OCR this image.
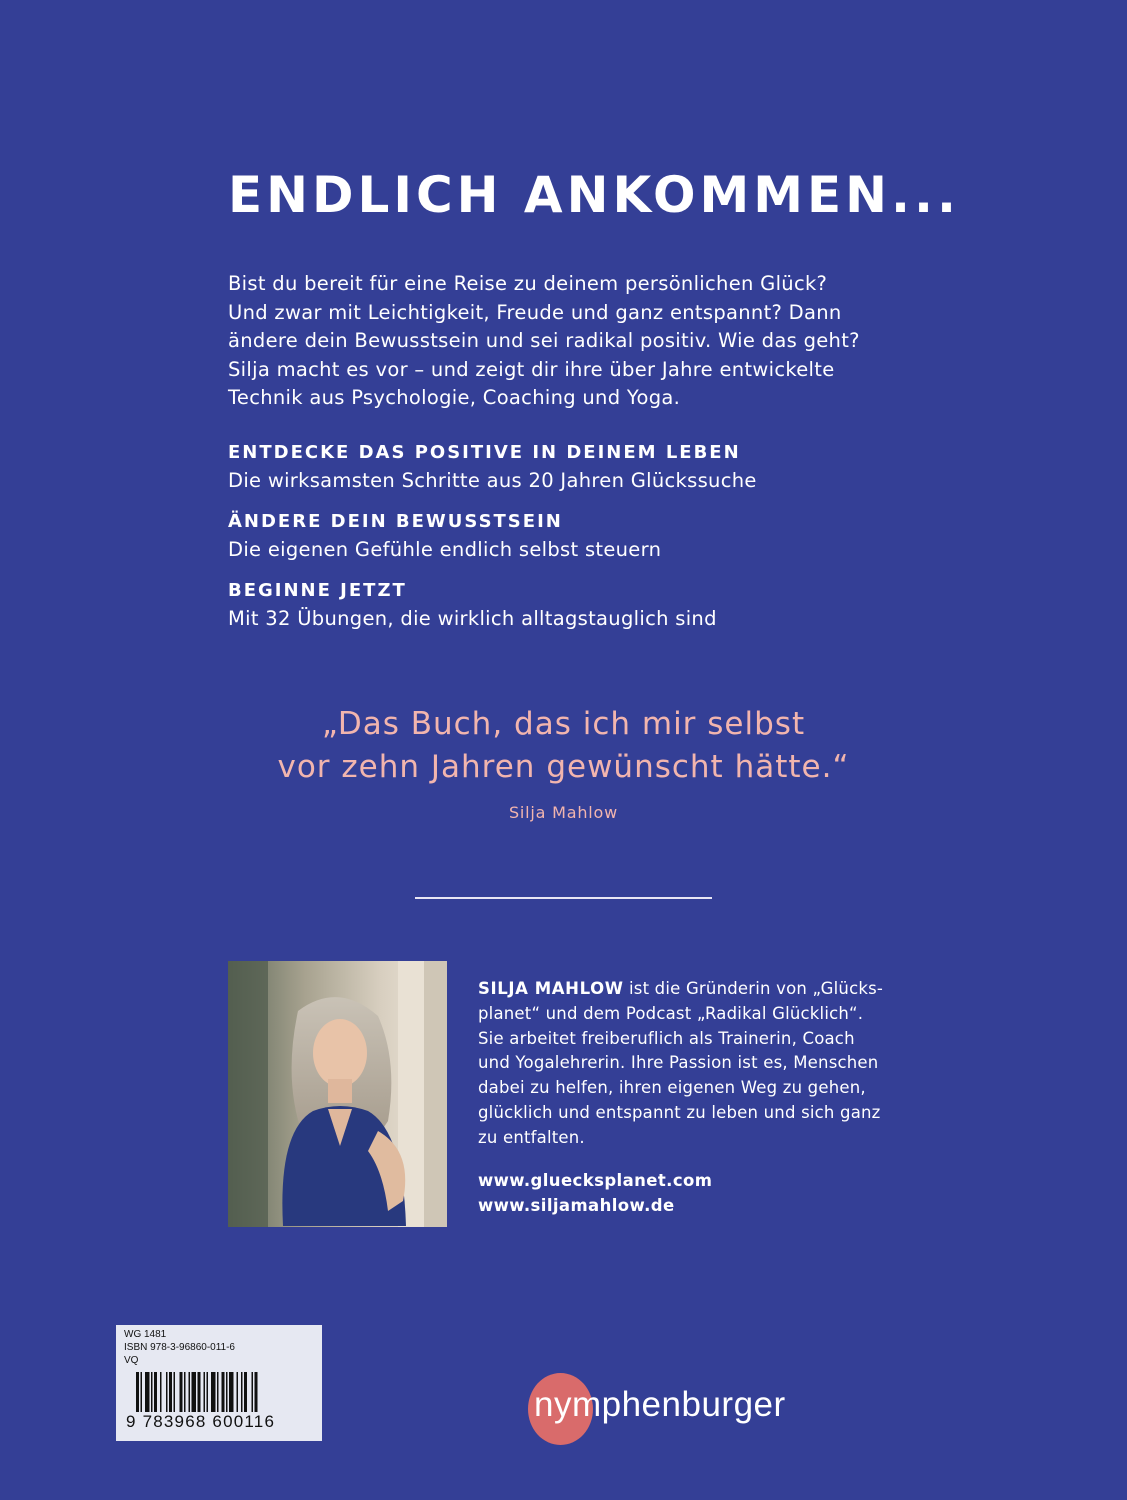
ENDLICH ANKOMMEN...
Bist du bereit für eine Reise zu deinem persönlichen Glück?
Und zwar mit Leichtigkeit, Freude und ganz entspannt? Dann
ändere dein Bewusstsein und sei radikal positiv. Wie das geht?
Silja macht es vor – und zeigt dir ihre über Jahre entwickelte
Technik aus Psychologie, Coaching und Yoga.
ENTDECKE DAS POSITIVE IN DEINEM LEBEN
Die wirksamsten Schritte aus 20 Jahren Glückssuche
ÄNDERE DEIN BEWUSSTSEIN
Die eigenen Gefühle endlich selbst steuern
BEGINNE JETZT
Mit 32 Übungen, die wirklich alltagstauglich sind
„Das Buch, das ich mir selbst
vor zehn Jahren gewünscht hätte.“
Silja Mahlow
SILJA MAHLOW ist die Gründerin von „Glücks-
planet“ und dem Podcast „Radikal Glücklich“.
Sie arbeitet freiberuflich als Trainerin, Coach
und Yogalehrerin. Ihre Passion ist es, Menschen
dabei zu helfen, ihren eigenen Weg zu gehen,
glücklich und entspannt zu leben und sich ganz
zu entfalten.
www.gluecksplanet.com
www.siljamahlow.de
WG 1481
ISBN 978-3-96860-011-6
VQ
9 783968 600116	nymphenburger
